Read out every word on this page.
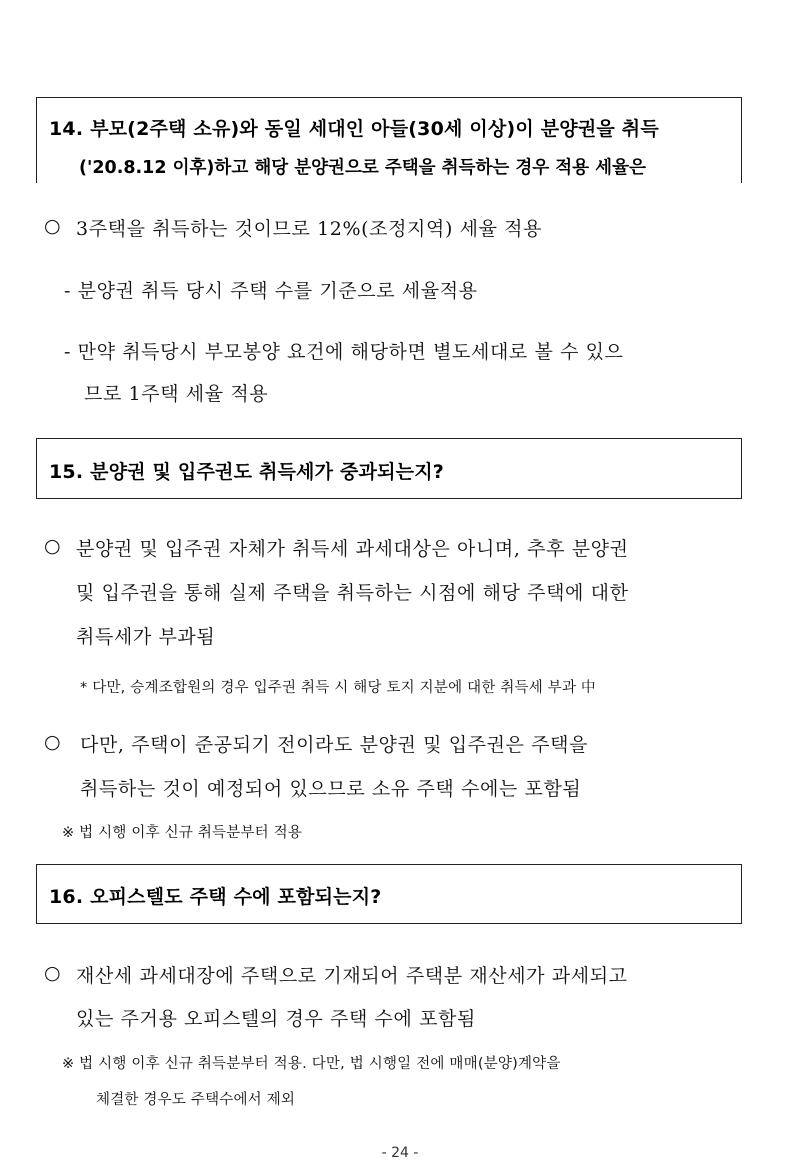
14. 부모(2주택 소유)와 동일 세대인 아들(30세 이상)이 분양권을 취득
('20.8.12 이후)하고 해당 분양권으로 주택을 취득하는 경우 적용 세율은
○ 3주택을 취득하는 것이므로 12%(조정지역) 세율 적용
- 분양권 취득 당시 주택 수를 기준으로 세율적용
- 만약 취득당시 부모봉양 요건에 해당하면 별도세대로 볼 수 있으
므로 1주택 세율 적용
15. 분양권 및 입주권도 취득세가 중과되는지?
○ 분양권 및 입주권 자체가 취득세 과세대상은 아니며, 추후 분양권
및 입주권을 통해 실제 주택을 취득하는 시점에 해당 주택에 대한
취득세가 부과됨
* 다만, 승계조합원의 경우 입주권 취득 시 해당 토지 지분에 대한 취득세 부과 中
○ 다만, 주택이 준공되기 전이라도 분양권 및 입주권은 주택을
취득하는 것이 예정되어 있으므로 소유 주택 수에는 포함됨
※ 법 시행 이후 신규 취득분부터 적용
16. 오피스텔도 주택 수에 포함되는지?
○ 재산세 과세대장에 주택으로 기재되어 주택분 재산세가 과세되고
있는 주거용 오피스텔의 경우 주택 수에 포함됨
※ 법 시행 이후 신규 취득분부터 적용. 다만, 법 시행일 전에 매매(분양)계약을
체결한 경우도 주택수에서 제외
- 24 -
